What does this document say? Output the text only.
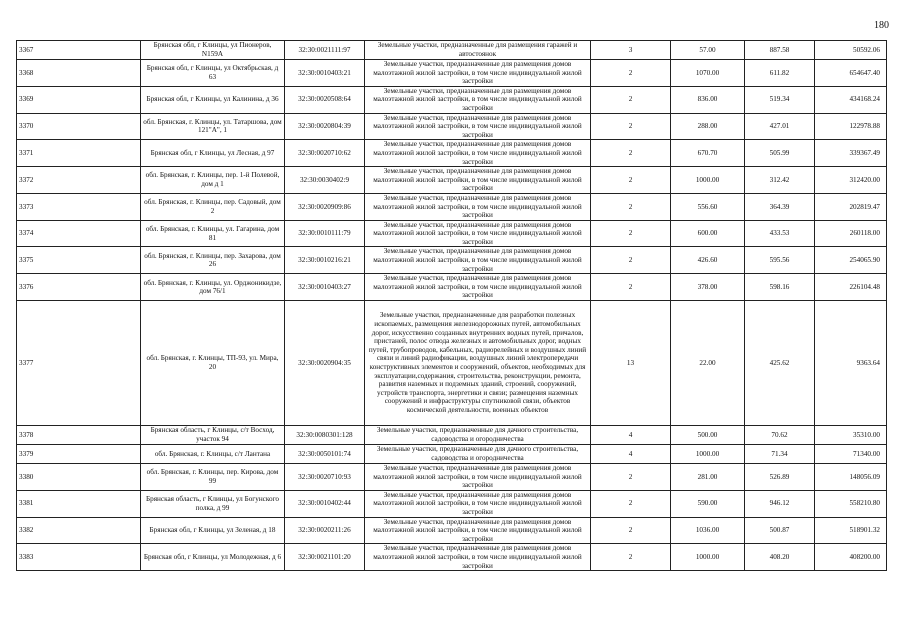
180
3367	Брянская обл, г Клинцы, ул Пионеров, N159А	32:30:0021111:97	Земельные участки, предназначенные для размещения гаражей и автостоянок	3	57.00	887.58	50592.06
3368	Брянская обл, г Клинцы, ул Октябрьская, д 63	32:30:0010403:21	Земельные участки, предназначенные для размещения домов малоэтажной жилой застройки, в том числе индивидуальной жилой застройки	2	1070.00	611.82	654647.40
3369	Брянская обл, г Клинцы, ул Калинина, д 36	32:30:0020508:64	Земельные участки, предназначенные для размещения домов малоэтажной жилой застройки, в том числе индивидуальной жилой застройки	2	836.00	519.34	434168.24
3370	обл. Брянская, г. Клинцы, ул. Татаршова, дом 121"А", 1	32:30:0020804:39	Земельные участки, предназначенные для размещения домов малоэтажной жилой застройки, в том числе индивидуальной жилой застройки	2	288.00	427.01	122978.88
3371	Брянская обл, г Клинцы, ул Лесная, д 97	32:30:0020710:62	Земельные участки, предназначенные для размещения домов малоэтажной жилой застройки, в том числе индивидуальной жилой застройки	2	670.70	505.99	339367.49
3372	обл. Брянская, г. Клинцы, пер. 1-й Полевой, дом д 1	32:30:0030402:9	Земельные участки, предназначенные для размещения домов малоэтажной жилой застройки, в том числе индивидуальной жилой застройки	2	1000.00	312.42	312420.00
3373	обл. Брянская, г. Клинцы, пер. Садовый, дом 2	32:30:0020909:86	Земельные участки, предназначенные для размещения домов малоэтажной жилой застройки, в том числе индивидуальной жилой застройки	2	556.60	364.39	202819.47
3374	обл. Брянская, г. Клинцы, ул. Гагарина, дом 81	32:30:0010111:79	Земельные участки, предназначенные для размещения домов малоэтажной жилой застройки, в том числе индивидуальной жилой застройки	2	600.00	433.53	260118.00
3375	обл. Брянская, г. Клинцы, пер. Захарова, дом 26	32:30:0010216:21	Земельные участки, предназначенные для размещения домов малоэтажной жилой застройки, в том числе индивидуальной жилой застройки	2	426.60	595.56	254065.90
3376	обл. Брянская, г. Клинцы, ул. Орджоникидзе, дом 76/1	32:30:0010403:27	Земельные участки, предназначенные для размещения домов малоэтажной жилой застройки, в том числе индивидуальной жилой застройки	2	378.00	598.16	226104.48
3377	обл. Брянская, г. Клинцы, ТП-93, ул. Мира, 20	32:30:0020904:35	Земельные участки, предназначенные для разработки полезных ископаемых, размещения железнодорожных путей, автомобильных дорог, искусственно созданных внутренних водных путей, причалов, пристаней, полос отвода железных и автомобильных дорог, водных путей, трубопроводов, кабельных, радиорелейных и воздушных линий связи и линий радиофикации, воздушных линий электропередачи конструктивных элементов и сооружений, объектов, необходимых для эксплуатации,содержания, строительства, реконструкции, ремонта, развития наземных и подземных зданий, строений, сооружений, устройств транспорта, энергетики и связи; размещения наземных сооружений и инфраструктуры спутниковой связи, объектов космической деятельности, военных объектов	13	22.00	425.62	9363.64
3378	Брянская область, г Клинцы, с/т Восход, участок 94	32:30:0080301:128	Земельные участки, предназначенные для дачного строительства, садоводства и огородничества	4	500.00	70.62	35310.00
3379	обл. Брянская, г. Клинцы, с/т Лантана	32:30:0050101:74	Земельные участки, предназначенные для дачного строительства, садоводства и огородничества	4	1000.00	71.34	71340.00
3380	обл. Брянская, г. Клинцы, пер. Кирова, дом 99	32:30:0020710:93	Земельные участки, предназначенные для размещения домов малоэтажной жилой застройки, в том числе индивидуальной жилой застройки	2	281.00	526.89	148056.09
3381	Брянская область, г Клинцы, ул Богунского полка, д 99	32:30:0010402:44	Земельные участки, предназначенные для размещения домов малоэтажной жилой застройки, в том числе индивидуальной жилой застройки	2	590.00	946.12	558210.80
3382	Брянская обл, г Клинцы, ул Зеленая, д 18	32:30:0020211:26	Земельные участки, предназначенные для размещения домов малоэтажной жилой застройки, в том числе индивидуальной жилой застройки	2	1036.00	500.87	518901.32
3383	Брянская обл, г Клинцы, ул Молодежная, д 6	32:30:0021101:20	Земельные участки, предназначенные для размещения домов малоэтажной жилой застройки, в том числе индивидуальной жилой застройки	2	1000.00	408.20	408200.00
